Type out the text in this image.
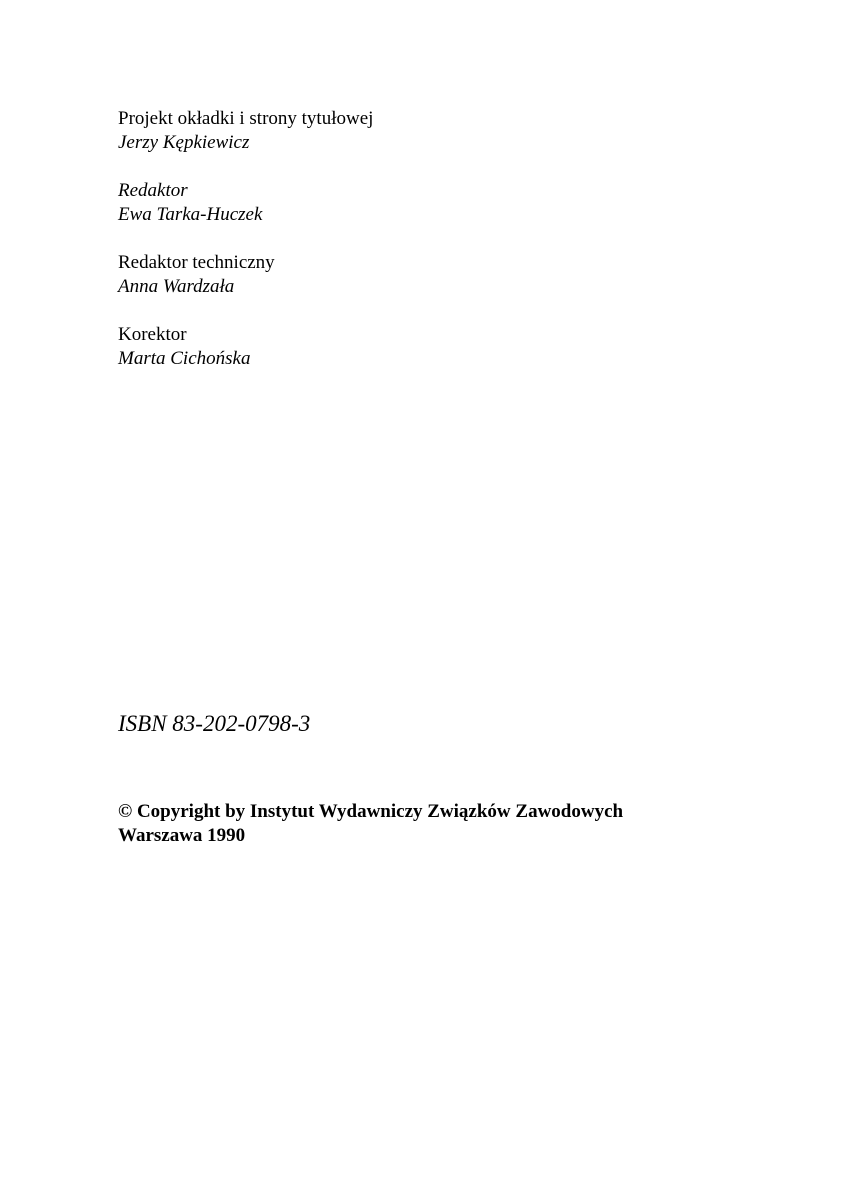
Projekt okładki i strony tytułowej
Jerzy Kępkiewicz
Redaktor
Ewa Tarka-Huczek
Redaktor techniczny
Anna Wardzała
Korektor
Marta Cichońska
ISBN 83-202-0798-3
© Copyright by Instytut Wydawniczy Związków Zawodowych
Warszawa 1990
